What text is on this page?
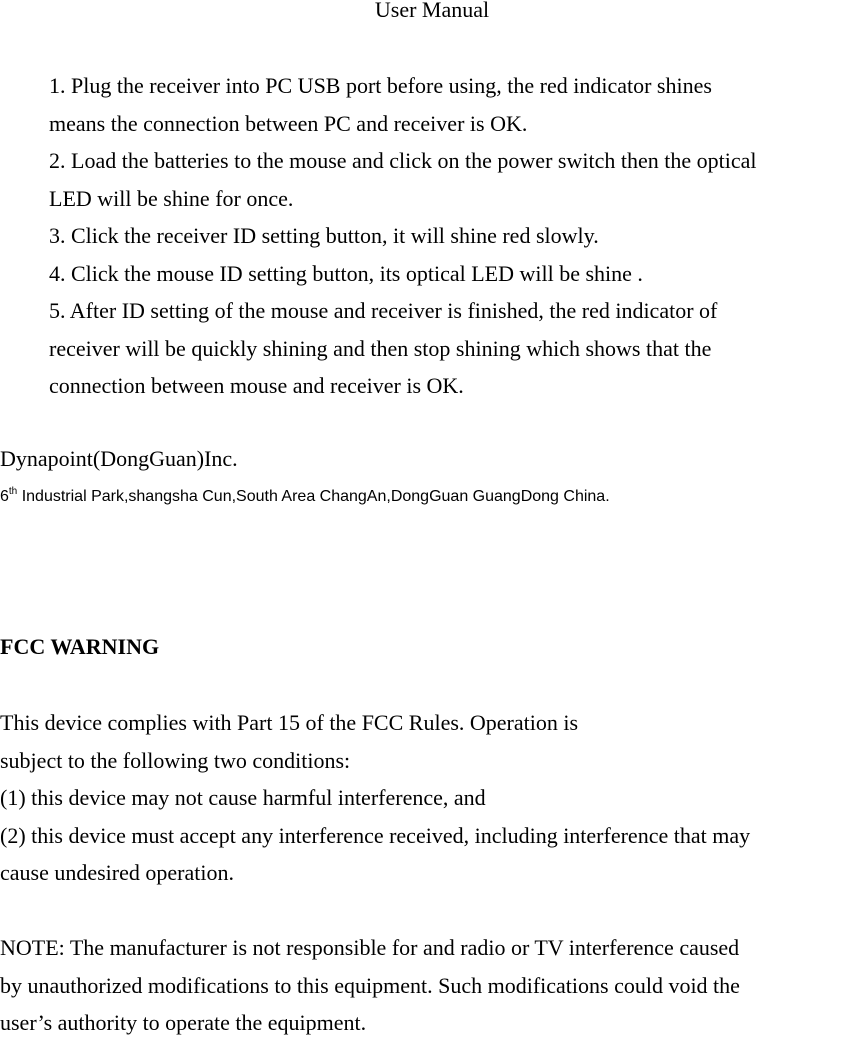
User Manual
1. Plug the receiver into PC USB port before using, the red indicator shines
means the connection between PC and receiver is OK.
2. Load the batteries to the mouse and click on the power switch then the optical
LED will be shine for once.
3. Click the receiver ID setting button, it will shine red slowly.
4. Click the mouse ID setting button, its optical LED will be shine .
5. After ID setting of the mouse and receiver is finished, the red indicator of
receiver will be quickly shining and then stop shining which shows that the
connection between mouse and receiver is OK.
Dynapoint(DongGuan)Inc.
6th Industrial Park,shangsha Cun,South Area ChangAn,DongGuan GuangDong China.
FCC WARNING
This device complies with Part 15 of the FCC Rules. Operation is
subject to the following two conditions:
(1) this device may not cause harmful interference, and
(2) this device must accept any interference received, including interference that may
cause undesired operation.
NOTE: The manufacturer is not responsible for and radio or TV interference caused
by unauthorized modifications to this equipment. Such modifications could void the
user’s authority to operate the equipment.
